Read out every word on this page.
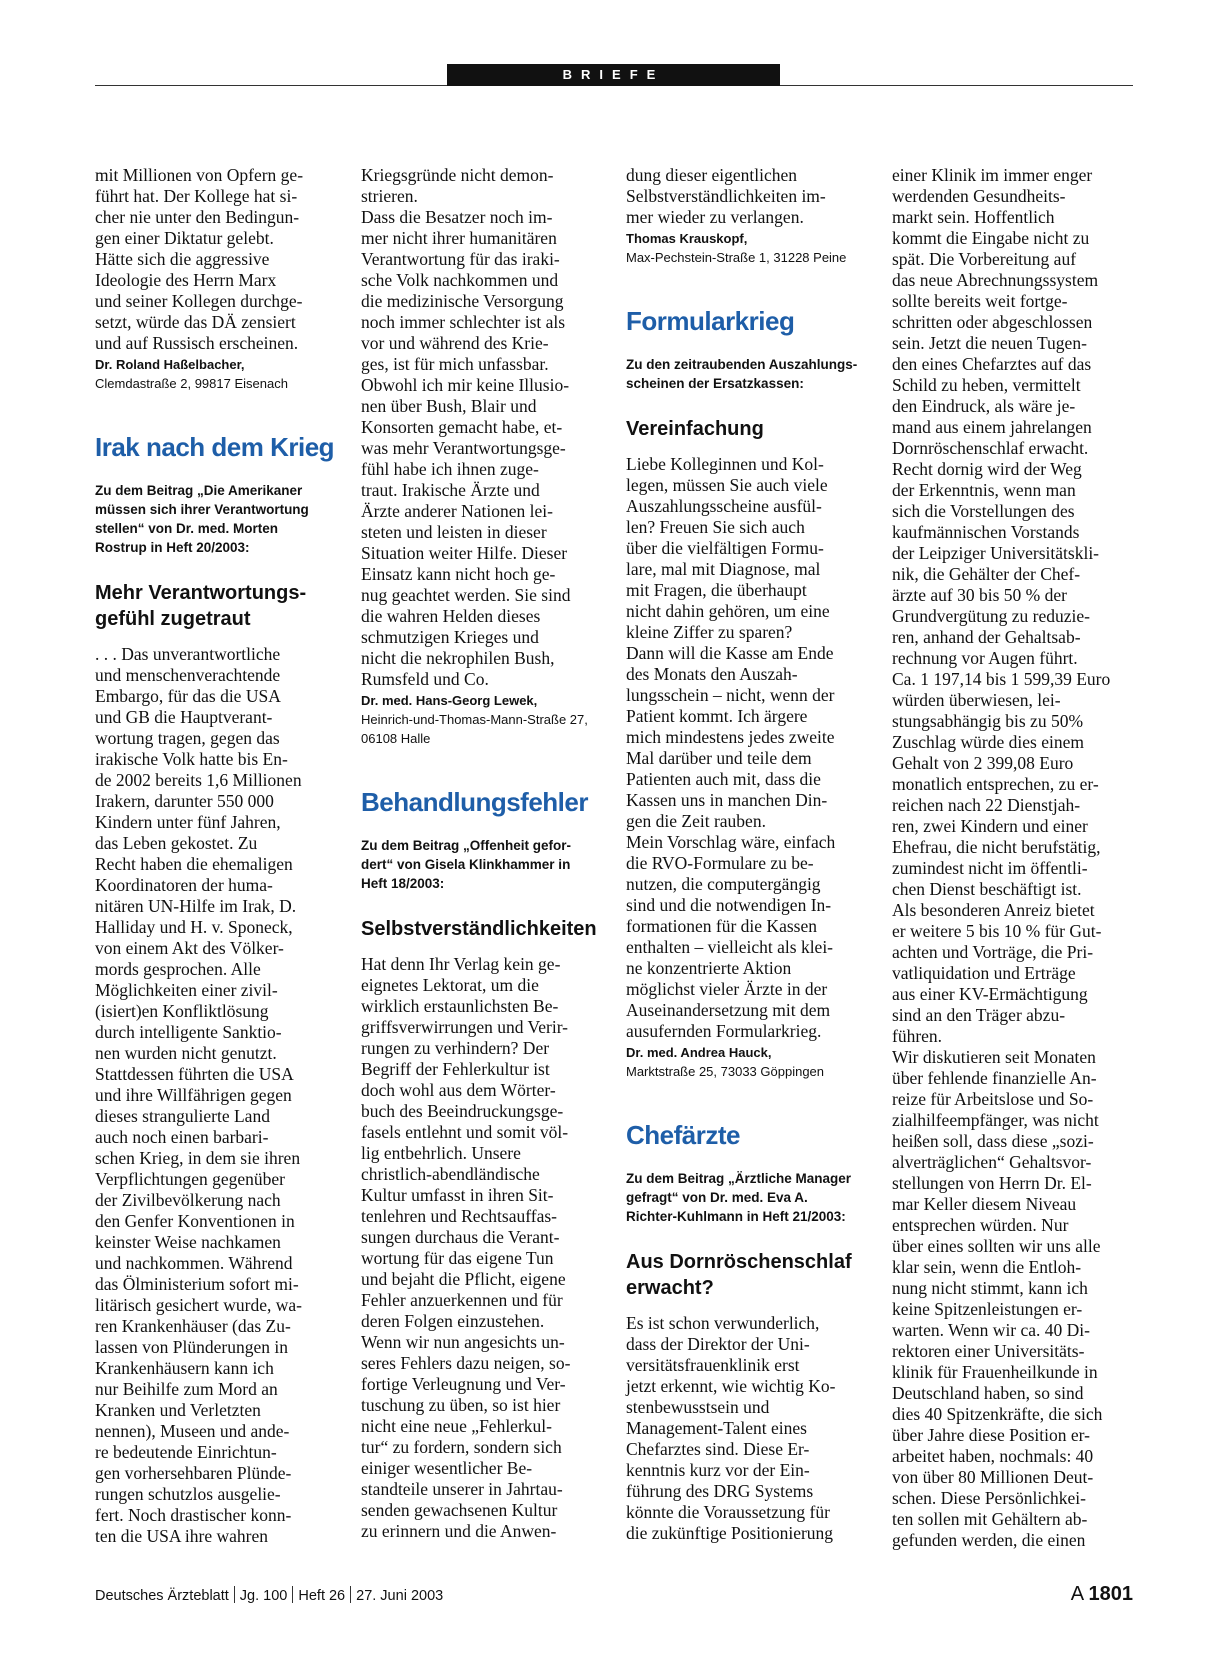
BRIEFE

mit Millionen von Opfern ge-
führt hat. Der Kollege hat si-
cher nie unter den Bedingun-
gen einer Diktatur gelebt.
Hätte sich die aggressive
Ideologie des Herrn Marx
und seiner Kollegen durchge-
setzt, würde das DÄ zensiert
und auf Russisch erscheinen.

Dr. Roland Haßelbacher,
Clemdastraße 2, 99817 Eisenach

Irak nach dem Krieg

Zu dem Beitrag „Die Amerikaner
müssen sich ihrer Verantwortung
stellen“ von Dr. med. Morten
Rostrup in Heft 20/2003:

Mehr Verantwortungs-
gefühl zugetraut

. . . Das unverantwortliche
und menschenverachtende
Embargo, für das die USA
und GB die Hauptverant-
wortung tragen, gegen das
irakische Volk hatte bis En-
de 2002 bereits 1,6 Millionen
Irakern, darunter 550 000
Kindern unter fünf Jahren,
das Leben gekostet. Zu
Recht haben die ehemaligen
Koordinatoren der huma-
nitären UN-Hilfe im Irak, D.
Halliday und H. v. Sponeck,
von einem Akt des Völker-
mords gesprochen. Alle
Möglichkeiten einer zivil-
(isiert)en Konfliktlösung
durch intelligente Sanktio-
nen wurden nicht genutzt.
Stattdessen führten die USA
und ihre Willfährigen gegen
dieses strangulierte Land
auch noch einen barbari-
schen Krieg, in dem sie ihren
Verpflichtungen gegenüber
der Zivilbevölkerung nach
den Genfer Konventionen in
keinster Weise nachkamen
und nachkommen. Während
das Ölministerium sofort mi-
litärisch gesichert wurde, wa-
ren Krankenhäuser (das Zu-
lassen von Plünderungen in
Krankenhäusern kann ich
nur Beihilfe zum Mord an
Kranken und Verletzten
nennen), Museen und ande-
re bedeutende Einrichtun-
gen vorhersehbaren Plünde-
rungen schutzlos ausgelie-
fert. Noch drastischer konn-
ten die USA ihre wahren

Kriegsgründe nicht demon-
strieren.
Dass die Besatzer noch im-
mer nicht ihrer humanitären
Verantwortung für das iraki-
sche Volk nachkommen und
die medizinische Versorgung
noch immer schlechter ist als
vor und während des Krie-
ges, ist für mich unfassbar.
Obwohl ich mir keine Illusio-
nen über Bush, Blair und
Konsorten gemacht habe, et-
was mehr Verantwortungsge-
fühl habe ich ihnen zuge-
traut. Irakische Ärzte und
Ärzte anderer Nationen lei-
steten und leisten in dieser
Situation weiter Hilfe. Dieser
Einsatz kann nicht hoch ge-
nug geachtet werden. Sie sind
die wahren Helden dieses
schmutzigen Krieges und
nicht die nekrophilen Bush,
Rumsfeld und Co.

Dr. med. Hans-Georg Lewek,
Heinrich-und-Thomas-Mann-Straße 27,
06108 Halle

Behandlungsfehler

Zu dem Beitrag „Offenheit gefor-
dert“ von Gisela Klinkhammer in
Heft 18/2003:

Selbstverständlichkeiten

Hat denn Ihr Verlag kein ge-
eignetes Lektorat, um die
wirklich erstaunlichsten Be-
griffsverwirrungen und Verir-
rungen zu verhindern? Der
Begriff der Fehlerkultur ist
doch wohl aus dem Wörter-
buch des Beeindruckungsge-
fasels entlehnt und somit völ-
lig entbehrlich. Unsere
christlich-abendländische
Kultur umfasst in ihren Sit-
tenlehren und Rechtsauffas-
sungen durchaus die Verant-
wortung für das eigene Tun
und bejaht die Pflicht, eigene
Fehler anzuerkennen und für
deren Folgen einzustehen.
Wenn wir nun angesichts un-
seres Fehlers dazu neigen, so-
fortige Verleugnung und Ver-
tuschung zu üben, so ist hier
nicht eine neue „Fehlerkul-
tur“ zu fordern, sondern sich
einiger wesentlicher Be-
standteile unserer in Jahrtau-
senden gewachsenen Kultur
zu erinnern und die Anwen-

dung dieser eigentlichen
Selbstverständlichkeiten im-
mer wieder zu verlangen.

Thomas Krauskopf,
Max-Pechstein-Straße 1, 31228 Peine

Formularkrieg

Zu den zeitraubenden Auszahlungs-
scheinen der Ersatzkassen:

Vereinfachung

Liebe Kolleginnen und Kol-
legen, müssen Sie auch viele
Auszahlungsscheine ausfül-
len? Freuen Sie sich auch
über die vielfältigen Formu-
lare, mal mit Diagnose, mal
mit Fragen, die überhaupt
nicht dahin gehören, um eine
kleine Ziffer zu sparen?
Dann will die Kasse am Ende
des Monats den Auszah-
lungsschein – nicht, wenn der
Patient kommt. Ich ärgere
mich mindestens jedes zweite
Mal darüber und teile dem
Patienten auch mit, dass die
Kassen uns in manchen Din-
gen die Zeit rauben.
Mein Vorschlag wäre, einfach
die RVO-Formulare zu be-
nutzen, die computergängig
sind und die notwendigen In-
formationen für die Kassen
enthalten – vielleicht als klei-
ne konzentrierte Aktion
möglichst vieler Ärzte in der
Auseinandersetzung mit dem
ausufernden Formularkrieg.

Dr. med. Andrea Hauck,
Marktstraße 25, 73033 Göppingen

Chefärzte

Zu dem Beitrag „Ärztliche Manager
gefragt“ von Dr. med. Eva A.
Richter-Kuhlmann in Heft 21/2003:

Aus Dornröschenschlaf
erwacht?

Es ist schon verwunderlich,
dass der Direktor der Uni-
versitätsfrauenklinik erst
jetzt erkennt, wie wichtig Ko-
stenbewusstsein und
Management-Talent eines
Chefarztes sind. Diese Er-
kenntnis kurz vor der Ein-
führung des DRG Systems
könnte die Voraussetzung für
die zukünftige Positionierung

einer Klinik im immer enger
werdenden Gesundheits-
markt sein. Hoffentlich
kommt die Eingabe nicht zu
spät. Die Vorbereitung auf
das neue Abrechnungssystem
sollte bereits weit fortge-
schritten oder abgeschlossen
sein. Jetzt die neuen Tugen-
den eines Chefarztes auf das
Schild zu heben, vermittelt
den Eindruck, als wäre je-
mand aus einem jahrelangen
Dornröschenschlaf erwacht.
Recht dornig wird der Weg
der Erkenntnis, wenn man
sich die Vorstellungen des
kaufmännischen Vorstands
der Leipziger Universitätskli-
nik, die Gehälter der Chef-
ärzte auf 30 bis 50 % der
Grundvergütung zu reduzie-
ren, anhand der Gehaltsab-
rechnung vor Augen führt.
Ca. 1 197,14 bis 1 599,39 Euro
würden überwiesen, lei-
stungsabhängig bis zu 50%
Zuschlag würde dies einem
Gehalt von 2 399,08 Euro
monatlich entsprechen, zu er-
reichen nach 22 Dienstjah-
ren, zwei Kindern und einer
Ehefrau, die nicht berufstätig,
zumindest nicht im öffentli-
chen Dienst beschäftigt ist.
Als besonderen Anreiz bietet
er weitere 5 bis 10 % für Gut-
achten und Vorträge, die Pri-
vatliquidation und Erträge
aus einer KV-Ermächtigung
sind an den Träger abzu-
führen.
Wir diskutieren seit Monaten
über fehlende finanzielle An-
reize für Arbeitslose und So-
zialhilfeempfänger, was nicht
heißen soll, dass diese „sozi-
alverträglichen“ Gehaltsvor-
stellungen von Herrn Dr. El-
mar Keller diesem Niveau
entsprechen würden. Nur
über eines sollten wir uns alle
klar sein, wenn die Entloh-
nung nicht stimmt, kann ich
keine Spitzenleistungen er-
warten. Wenn wir ca. 40 Di-
rektoren einer Universitäts-
klinik für Frauenheilkunde in
Deutschland haben, so sind
dies 40 Spitzenkräfte, die sich
über Jahre diese Position er-
arbeitet haben, nochmals: 40
von über 80 Millionen Deut-
schen. Diese Persönlichkei-
ten sollen mit Gehältern ab-
gefunden werden, die einen

Deutsches Ärzteblatt Jg. 100 Heft 26 27. Juni 2003	A 1801
